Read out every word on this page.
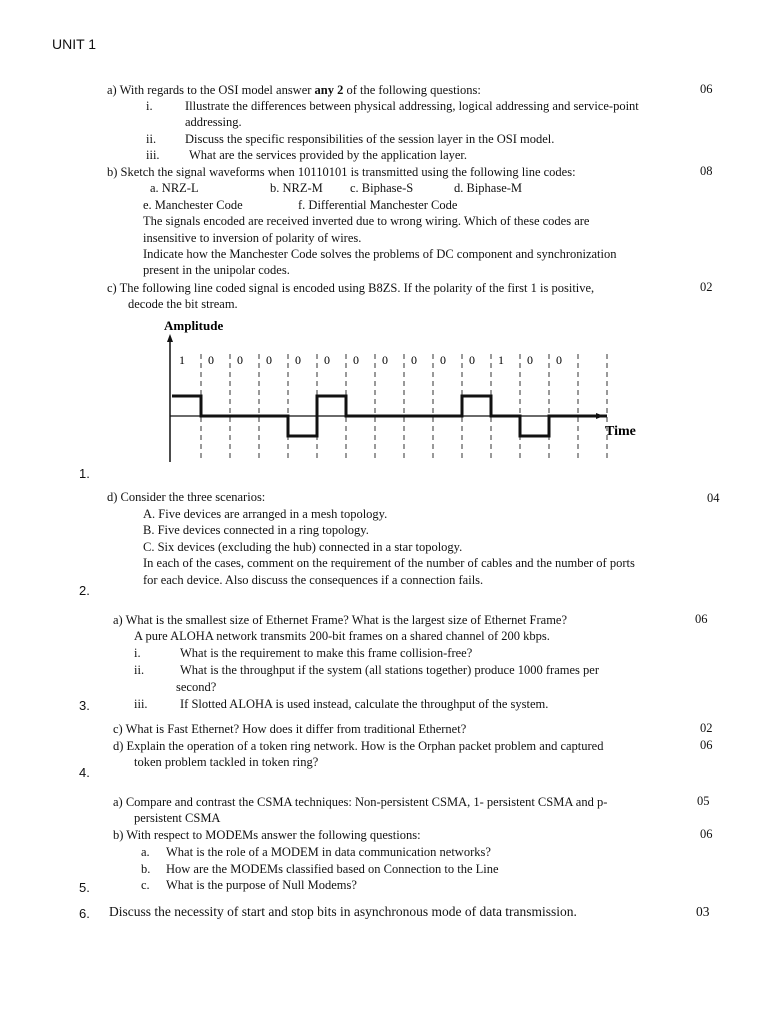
UNIT 1
1.
2.
3.
4.
5.
6.
a) With regards to the OSI model answer any 2 of the following questions:	06
i.	Illustrate the differences between physical addressing, logical addressing and service-point
addressing.
ii. Discuss the specific responsibilities of the session layer in the OSI model.
iii. What are the services provided by the application layer.
b) Sketch the signal waveforms when 10110101 is transmitted using the following line codes:	08
a. NRZ-L	b. NRZ-M c. Biphase-S	d. Biphase-M
e. Manchester Code	f. Differential Manchester Code
The signals encoded are received inverted due to wrong wiring. Which of these codes are
insensitive to inversion of polarity of wires.
Indicate how the Manchester Code solves the problems of DC component and synchronization
present in the unipolar codes.
c) The following line coded signal is encoded using B8ZS. If the polarity of the first 1 is positive,
decode the bit stream.
02
Amplitude
Time
1 0 0 0 0 0 0 0 0 0 0 1 0 0
d) Consider the three scenarios:	04
A. Five devices are arranged in a mesh topology.
B. Five devices connected in a ring topology.
C. Six devices (excluding the hub) connected in a star topology.
In each of the cases, comment on the requirement of the number of cables and the number of ports
for each device. Also discuss the consequences if a connection fails.
a) What is the smallest size of Ethernet Frame? What is the largest size of Ethernet Frame?	06
A pure ALOHA network transmits 200-bit frames on a shared channel of 200 kbps.
i.	What is the requirement to make this frame collision-free?
ii.	What is the throughput if the system (all stations together) produce 1000 frames per
second?
iii.	If Slotted ALOHA is used instead, calculate the throughput of the system.
c) What is Fast Ethernet? How does it differ from traditional Ethernet?	02
d) Explain the operation of a token ring network. How is the Orphan packet problem and captured	06
token problem tackled in token ring?
a) Compare and contrast the CSMA techniques: Non-persistent CSMA, 1- persistent CSMA and p-	05
persistent CSMA
b) With respect to MODEMs answer the following questions:	06
a. What is the role of a MODEM in data communication networks?
b. How are the MODEMs classified based on Connection to the Line
c. What is the purpose of Null Modems?
Discuss the necessity of start and stop bits in asynchronous mode of data transmission.	03
